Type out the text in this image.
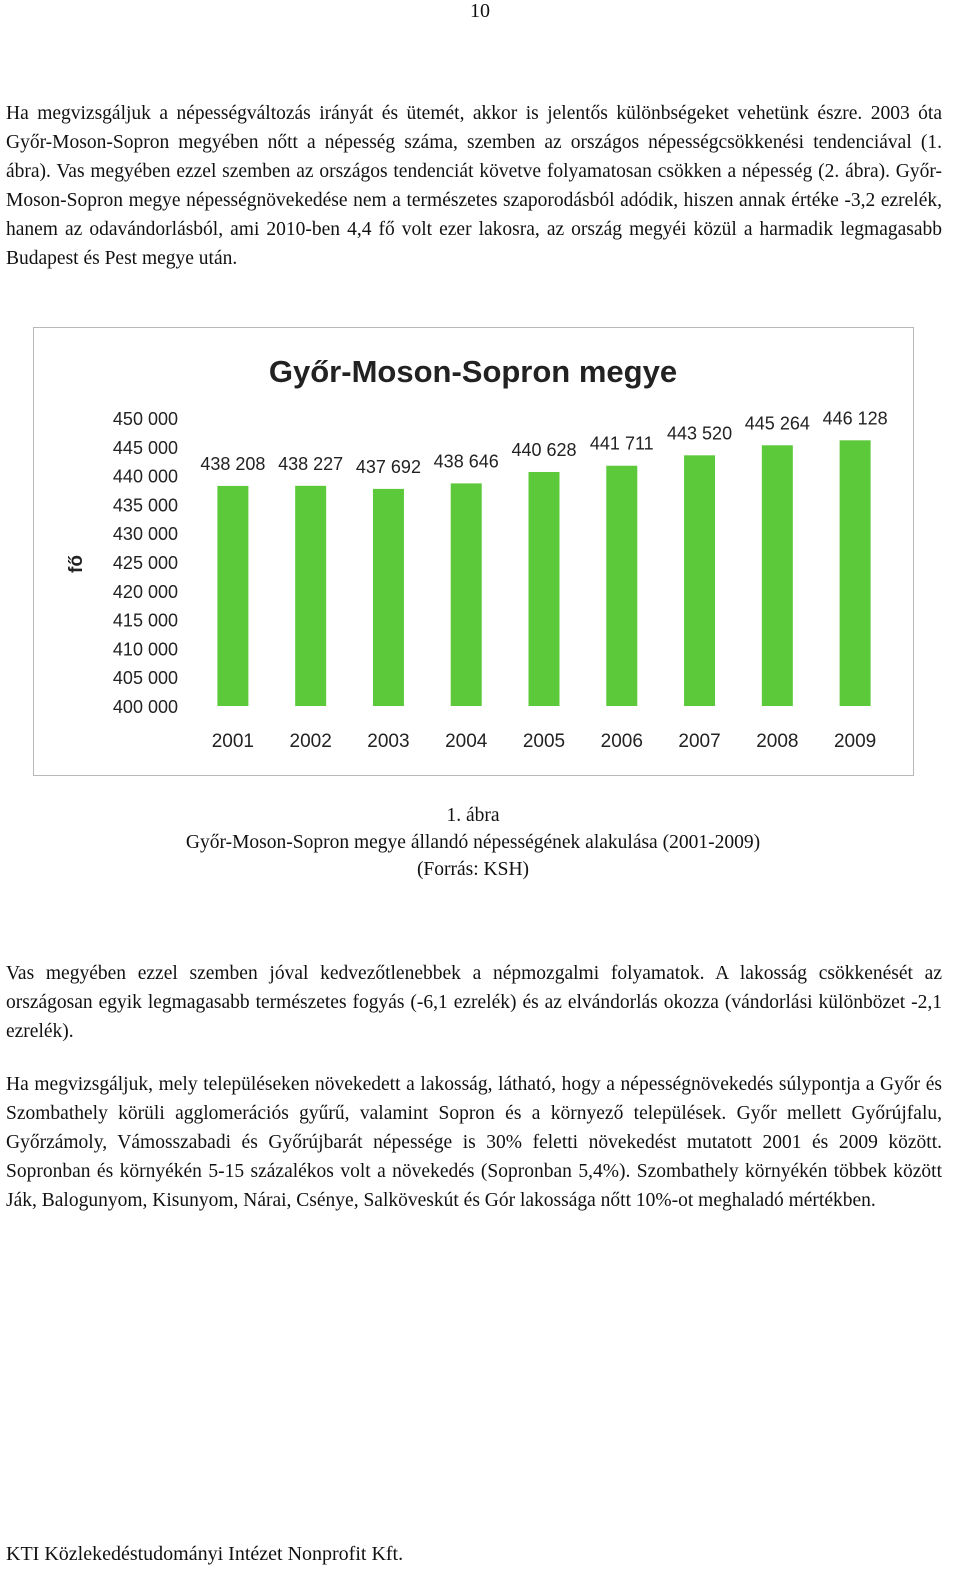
10

Ha megvizsgáljuk a népességváltozás irányát és ütemét, akkor is jelentős különbségeket vehetünk észre. 2003 óta Győr-Moson-Sopron megyében nőtt a népesség száma, szemben az országos népességcsökkenési tendenciával (1. ábra). Vas megyében ezzel szemben az országos tendenciát követve folyamatosan csökken a népesség (2. ábra). Győr-Moson-Sopron megye népességnövekedése nem a természetes szaporodásból adódik, hiszen annak értéke -3,2 ezrelék, hanem az odavándorlásból, ami 2010-ben 4,4 fő volt ezer lakosra, az ország megyéi közül a harmadik legmagasabb Budapest és Pest megye után.

Győr-Moson-Sopron megye
fő
400 000
405 000
410 000
415 000
420 000
425 000
430 000
435 000
440 000
445 000
450 000
438 208 438 227 437 692 438 646
440 628 441 711
443 520
445 264 446 128
2001 2002 2003 2004 2005 2006 2007 2008 2009
1. ábra
Győr-Moson-Sopron megye állandó népességének alakulása (2001-2009)
(Forrás: KSH)

Vas megyében ezzel szemben jóval kedvezőtlenebbek a népmozgalmi folyamatok. A lakosság csökkenését az országosan egyik legmagasabb természetes fogyás (-6,1 ezrelék) és az elvándorlás okozza (vándorlási különbözet -2,1 ezrelék).

Ha megvizsgáljuk, mely településeken növekedett a lakosság, látható, hogy a népességnövekedés súlypontja a Győr és Szombathely körüli agglomerációs gyűrű, valamint Sopron és a környező települések. Győr mellett Győrújfalu, Győrzámoly, Vámosszabadi és Győrújbarát népessége is 30% feletti növekedést mutatott 2001 és 2009 között. Sopronban és környékén 5-15 százalékos volt a növekedés (Sopronban 5,4%). Szombathely környékén többek között Ják, Balogunyom, Kisunyom, Nárai, Csénye, Salköveskút és Gór lakossága nőtt 10%-ot meghaladó mértékben.

KTI Közlekedéstudományi Intézet Nonprofit Kft.
